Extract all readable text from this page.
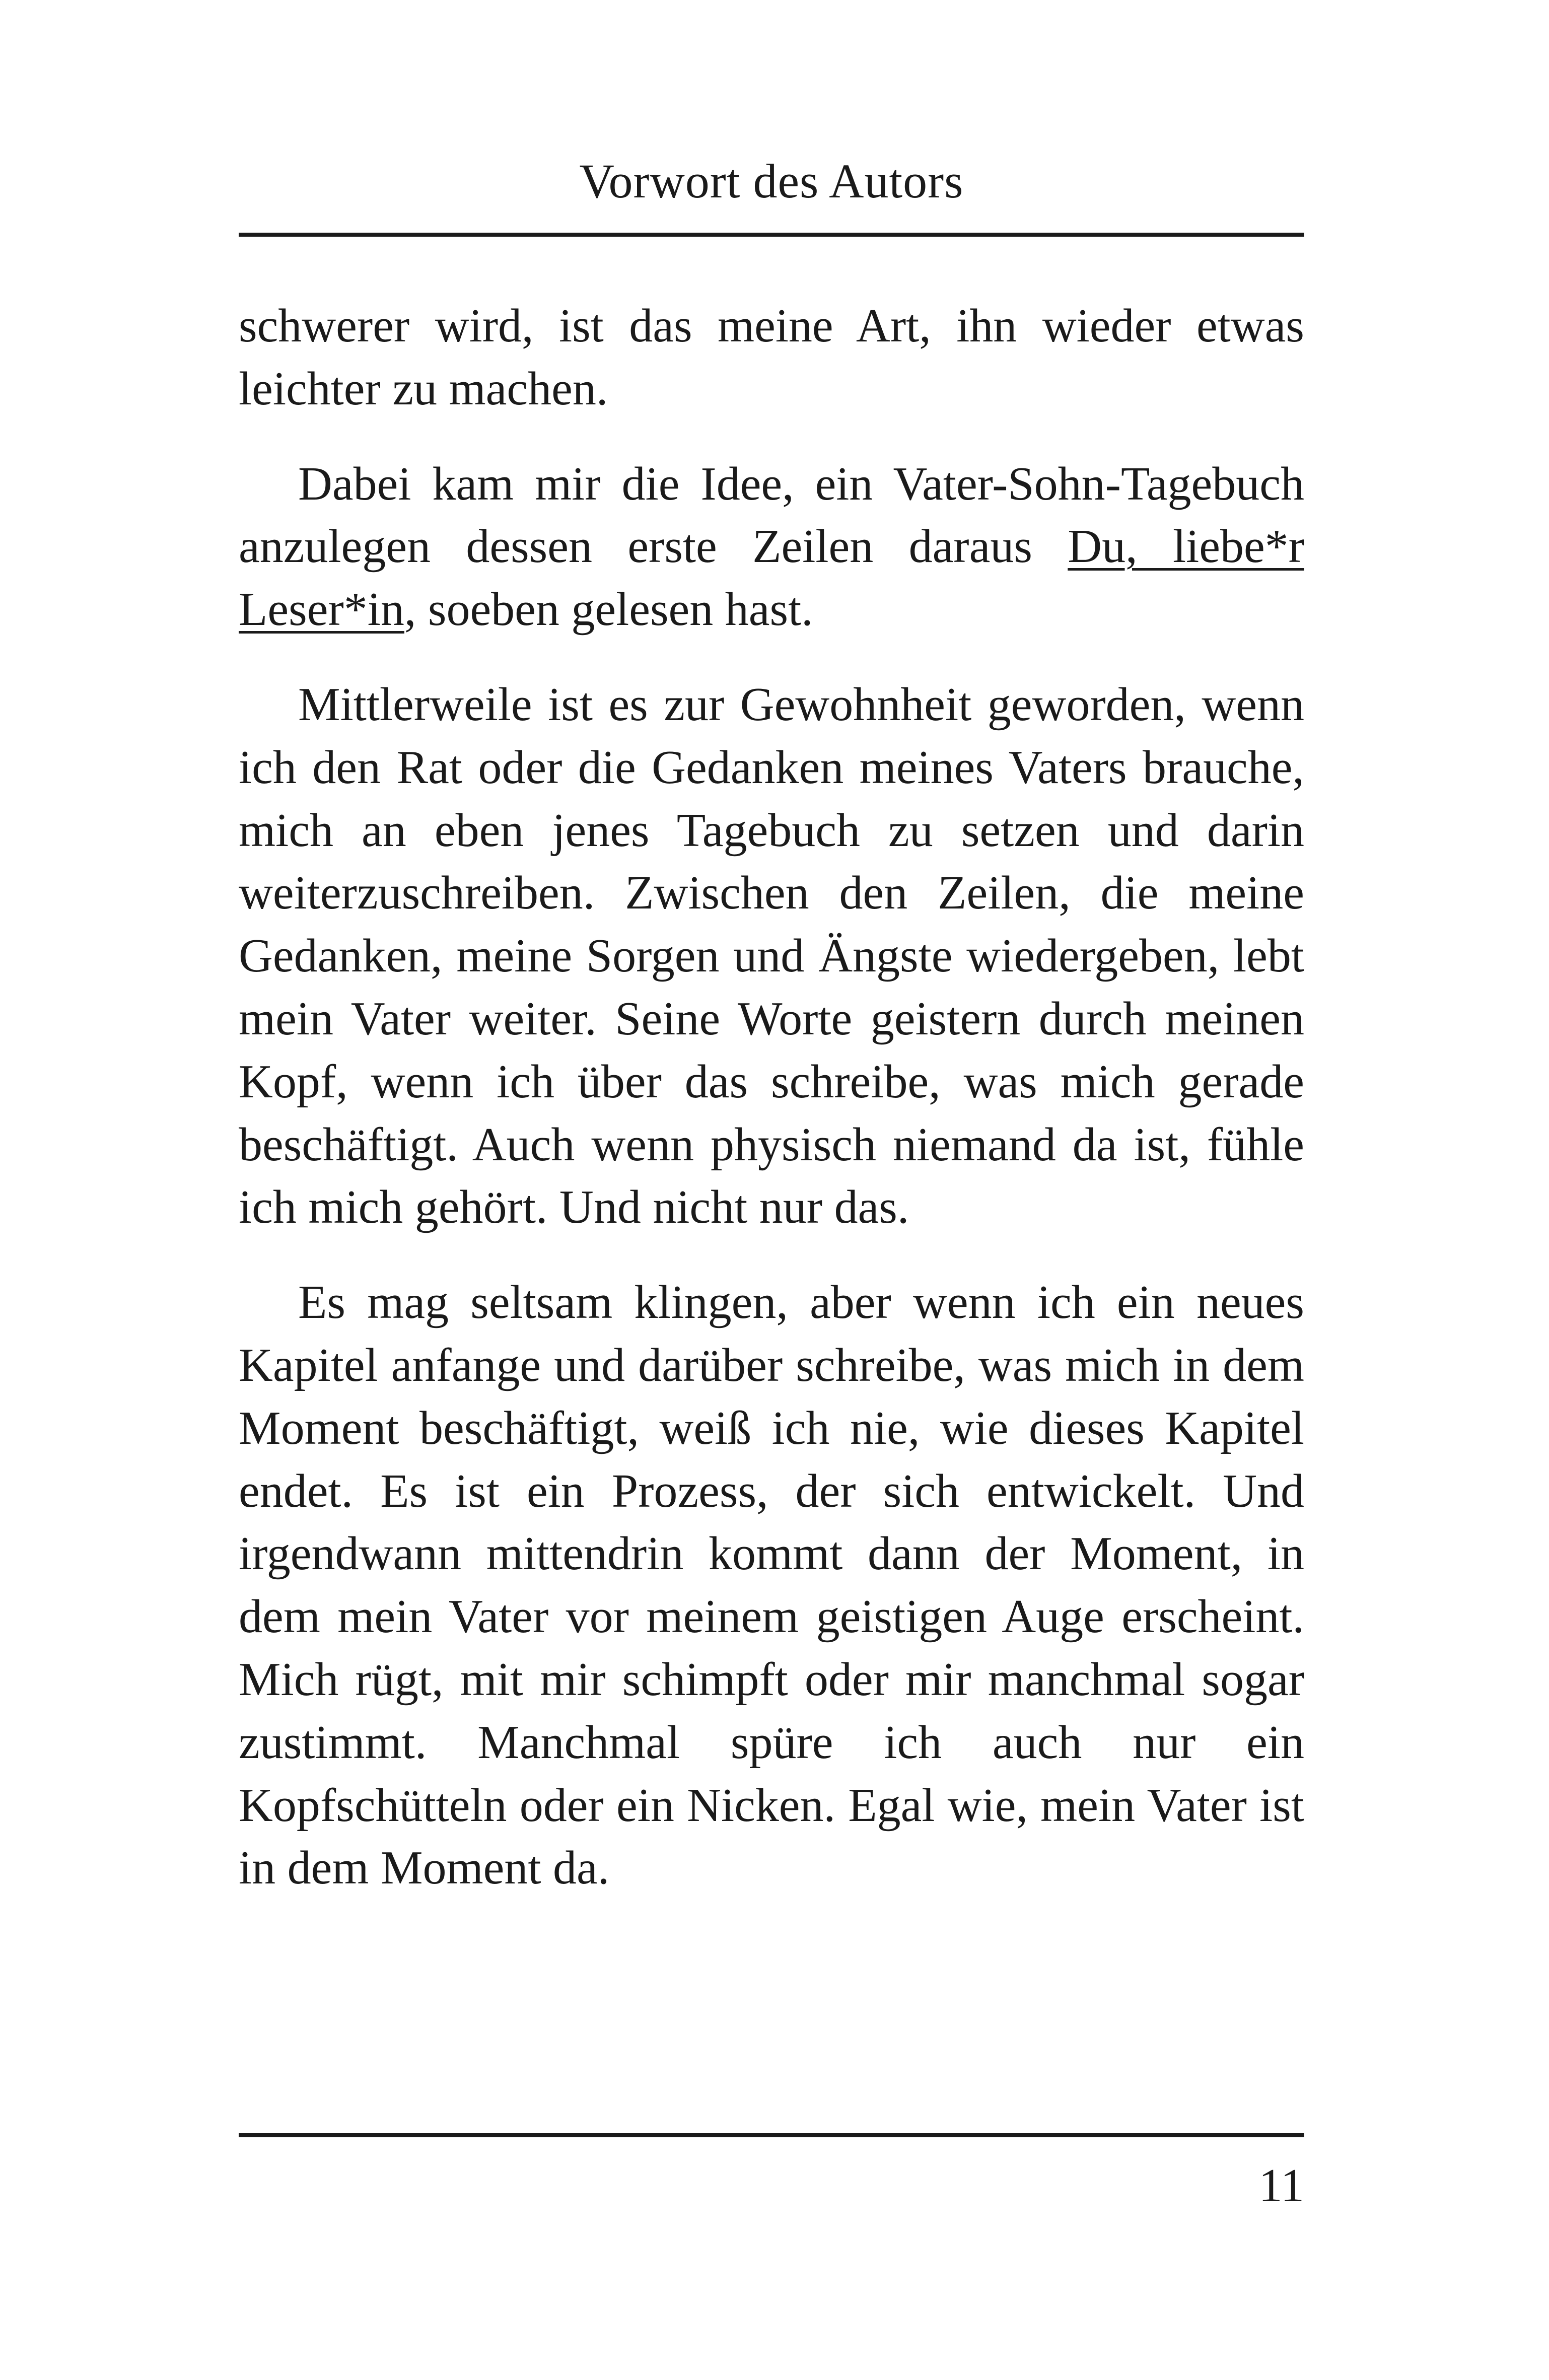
Vorwort des Autors

schwerer wird, ist das meine Art, ihn wieder etwas leichter zu machen.

Dabei kam mir die Idee, ein Vater-Sohn-Tagebuch anzulegen dessen erste Zeilen daraus Du, liebe*r Leser*in, soeben gelesen hast.

Mittlerweile ist es zur Gewohnheit geworden, wenn ich den Rat oder die Gedanken meines Vaters brauche, mich an eben jenes Tagebuch zu setzen und darin weiterzuschreiben. Zwischen den Zeilen, die meine Gedanken, meine Sorgen und Ängste wiedergeben, lebt mein Vater weiter. Seine Worte geistern durch meinen Kopf, wenn ich über das schreibe, was mich gerade beschäftigt. Auch wenn physisch niemand da ist, fühle ich mich gehört. Und nicht nur das.

Es mag seltsam klingen, aber wenn ich ein neues Kapitel anfange und darüber schreibe, was mich in dem Moment beschäftigt, weiß ich nie, wie dieses Kapitel endet. Es ist ein Prozess, der sich entwickelt. Und irgendwann mittendrin kommt dann der Moment, in dem mein Vater vor meinem geistigen Auge erscheint. Mich rügt, mit mir schimpft oder mir manchmal sogar zustimmt. Manchmal spüre ich auch nur ein Kopfschütteln oder ein Nicken. Egal wie, mein Vater ist in dem Moment da.

11
